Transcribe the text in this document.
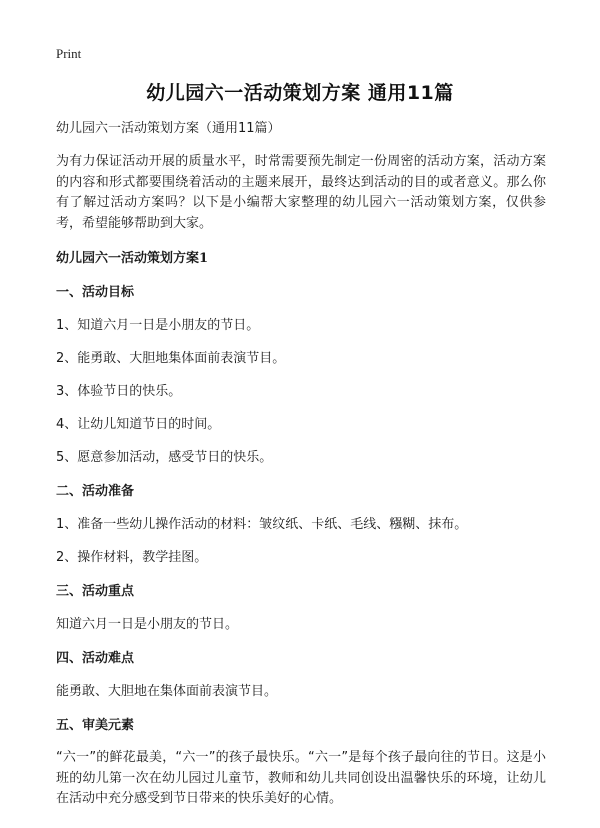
Print
幼儿园六一活动策划方案 通用11篇
幼儿园六一活动策划方案（通用11篇）
为有力保证活动开展的质量水平，时常需要预先制定一份周密的活动方案，活动方案的内容和形式都要围绕着活动的主题来展开，最终达到活动的目的或者意义。那么你有了解过活动方案吗？以下是小编帮大家整理的幼儿园六一活动策划方案，仅供参考，希望能够帮助到大家。
幼儿园六一活动策划方案1
一、活动目标
1、知道六月一日是小朋友的节日。
2、能勇敢、大胆地集体面前表演节目。
3、体验节日的快乐。
4、让幼儿知道节日的时间。
5、愿意参加活动，感受节日的快乐。
二、活动准备
1、准备一些幼儿操作活动的材料：皱纹纸、卡纸、毛线、糨糊、抹布。
2、操作材料，教学挂图。
三、活动重点
知道六月一日是小朋友的节日。
四、活动难点
能勇敢、大胆地在集体面前表演节目。
五、审美元素
“六一”的鲜花最美，“六一”的孩子最快乐。“六一”是每个孩子最向往的节日。这是小班的幼儿第一次在幼儿园过儿童节，教师和幼儿共同创设出温馨快乐的环境，让幼儿在活动中充分感受到节日带来的快乐美好的心情。
